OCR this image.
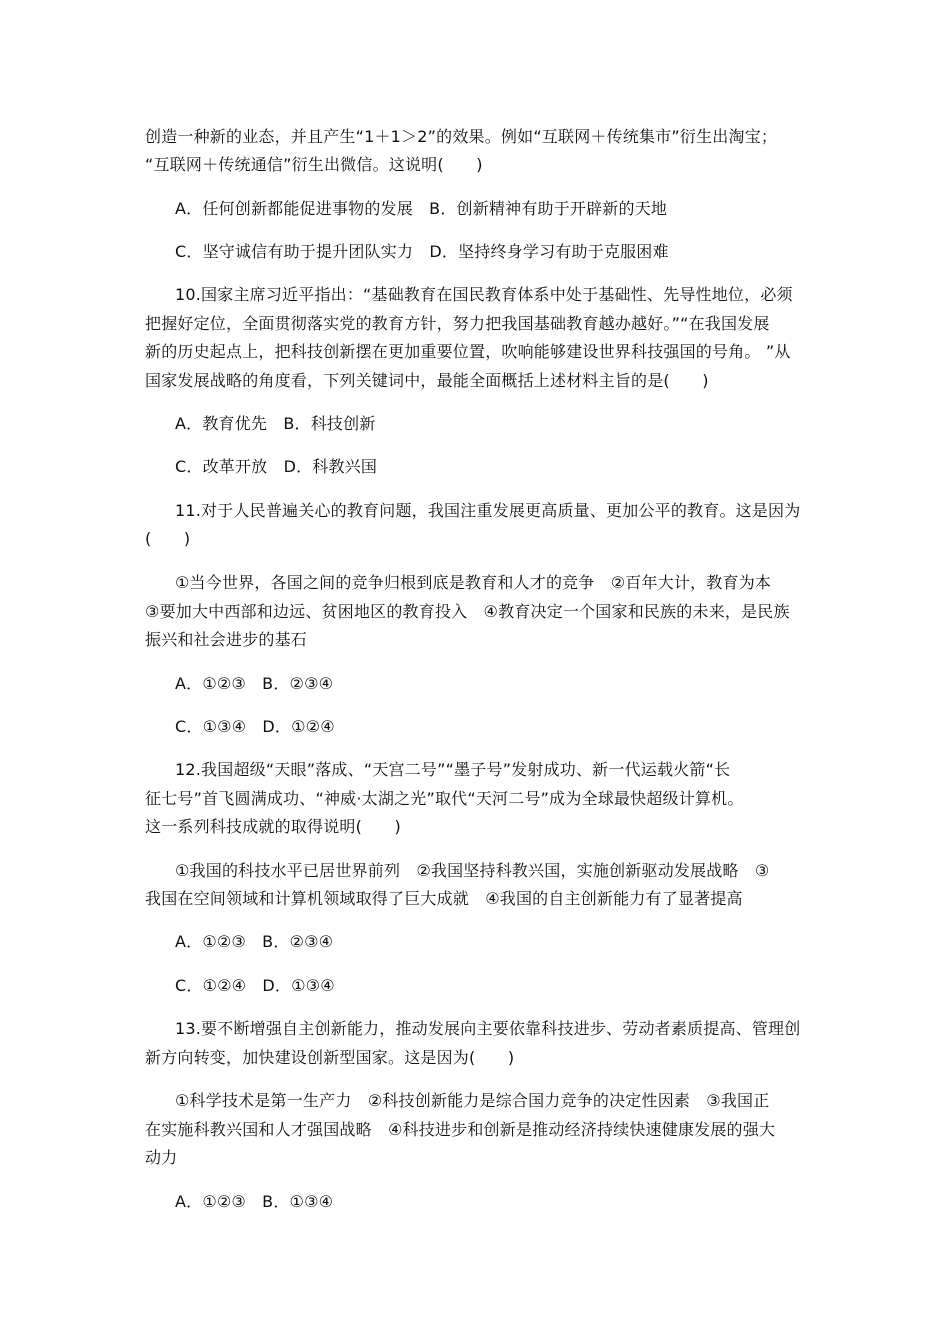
创造一种新的业态，并且产生“1＋1＞2”的效果。例如“互联网＋传统集市”衍生出淘宝；
“互联网＋传统通信”衍生出微信。这说明(　　)
A．任何创新都能促进事物的发展　B．创新精神有助于开辟新的天地
C．坚守诚信有助于提升团队实力　D．坚持终身学习有助于克服困难
10.国家主席习近平指出：“基础教育在国民教育体系中处于基础性、先导性地位，必须
把握好定位，全面贯彻落实党的教育方针，努力把我国基础教育越办越好。”“在我国发展
新的历史起点上，把科技创新摆在更加重要位置，吹响能够建设世界科技强国的号角。 ”从
国家发展战略的角度看，下列关键词中，最能全面概括上述材料主旨的是(　　)
A．教育优先　B．科技创新
C．改革开放　D．科教兴国
11.对于人民普遍关心的教育问题，我国注重发展更高质量、更加公平的教育。这是因为
(　　)
①当今世界，各国之间的竞争归根到底是教育和人才的竞争　②百年大计，教育为本
③要加大中西部和边远、贫困地区的教育投入　④教育决定一个国家和民族的未来，是民族
振兴和社会进步的基石
A．①②③　B．②③④
C．①③④　D．①②④
12.我国超级“天眼”落成、“天宫二号”“墨子号”发射成功、新一代运载火箭“长
征七号”首飞圆满成功、“神威·太湖之光”取代“天河二号”成为全球最快超级计算机。
这一系列科技成就的取得说明(　　)
①我国的科技水平已居世界前列　②我国坚持科教兴国，实施创新驱动发展战略　③
我国在空间领域和计算机领域取得了巨大成就　④我国的自主创新能力有了显著提高
A．①②③　B．②③④
C．①②④　D．①③④
13.要不断增强自主创新能力，推动发展向主要依靠科技进步、劳动者素质提高、管理创
新方向转变，加快建设创新型国家。这是因为(　　)
①科学技术是第一生产力　②科技创新能力是综合国力竞争的决定性因素　③我国正
在实施科教兴国和人才强国战略　④科技进步和创新是推动经济持续快速健康发展的强大
动力
A．①②③　B．①③④
